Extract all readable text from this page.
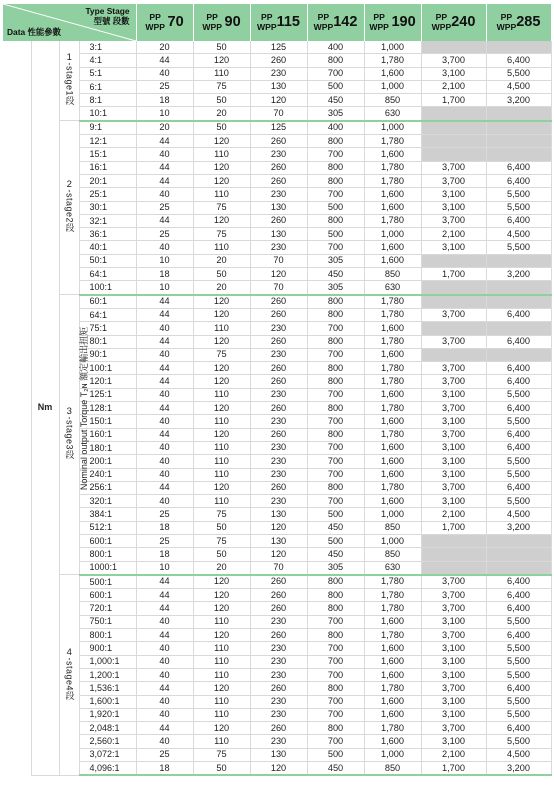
Type Stage
型號 段數
Data 性能參數				PP
WPP 70	PP
WPP 90	PP
WPP115	PP
WPP142	PP
WPP 190	PP
WPP240	PP
WPP285
Nominal output Torque T₂ɴ 額定輸出扭矩	Nm	1-stage1段	3:1	20	50	125	400	1,000		
			4:1	44	120	260	800	1,780	3,700	6,400
			5:1	40	110	230	700	1,600	3,100	5,500
			6:1	25	75	130	500	1,000	2,100	4,500
			8:1	18	50	120	450	850	1,700	3,200
			10:1	10	20	70	305	630		
		2-stage2段	9:1	20	50	125	400	1,000		
			12:1	44	120	260	800	1,780		
			15:1	40	110	230	700	1,600		
			16:1	44	120	260	800	1,780	3,700	6,400
			20:1	44	120	260	800	1,780	3,700	6,400
			25:1	40	110	230	700	1,600	3,100	5,500
			30:1	25	75	130	500	1,600	3,100	5,500
			32:1	44	120	260	800	1,780	3,700	6,400
			36:1	25	75	130	500	1,000	2,100	4,500
			40:1	40	110	230	700	1,600	3,100	5,500
			50:1	10	20	70	305	1,600		
			64:1	18	50	120	450	850	1,700	3,200
			100:1	10	20	70	305	630		
		3-stage3段	60:1	44	120	260	800	1,780		
			64:1	44	120	260	800	1,780	3,700	6,400
			75:1	40	110	230	700	1,600		
			80:1	44	120	260	800	1,780	3,700	6,400
			90:1	40	75	230	700	1,600		
			100:1	44	120	260	800	1,780	3,700	6,400
			120:1	44	120	260	800	1,780	3,700	6,400
			125:1	40	110	230	700	1,600	3,100	5,500
			128:1	44	120	260	800	1,780	3,700	6,400
			150:1	40	110	230	700	1,600	3,100	5,500
			160:1	44	120	260	800	1,780	3,700	6,400
			180:1	40	110	230	700	1,600	3,100	6,400
			200:1	40	110	230	700	1,600	3,100	5,500
			240:1	40	110	230	700	1,600	3,100	5,500
			256:1	44	120	260	800	1,780	3,700	6,400
			320:1	40	110	230	700	1,600	3,100	5,500
			384:1	25	75	130	500	1,000	2,100	4,500
			512:1	18	50	120	450	850	1,700	3,200
			600:1	25	75	130	500	1,000		
			800:1	18	50	120	450	850		
			1000:1	10	20	70	305	630		
		4-stage4段	500:1	44	120	260	800	1,780	3,700	6,400
			600:1	44	120	260	800	1,780	3,700	6,400
			720:1	44	120	260	800	1,780	3,700	6,400
			750:1	40	110	230	700	1,600	3,100	5,500
			800:1	44	120	260	800	1,780	3,700	6,400
			900:1	40	110	230	700	1,600	3,100	5,500
			1,000:1	40	110	230	700	1,600	3,100	5,500
			1,200:1	40	110	230	700	1,600	3,100	5,500
			1,536:1	44	120	260	800	1,780	3,700	6,400
			1,600:1	40	110	230	700	1,600	3,100	5,500
			1,920:1	40	110	230	700	1,600	3,100	5,500
			2,048:1	44	120	260	800	1,780	3,700	6,400
			2,560:1	40	110	230	700	1,600	3,100	5,500
			3,072:1	25	75	130	500	1,000	2,100	4,500
			4,096:1	18	50	120	450	850	1,700	3,200
